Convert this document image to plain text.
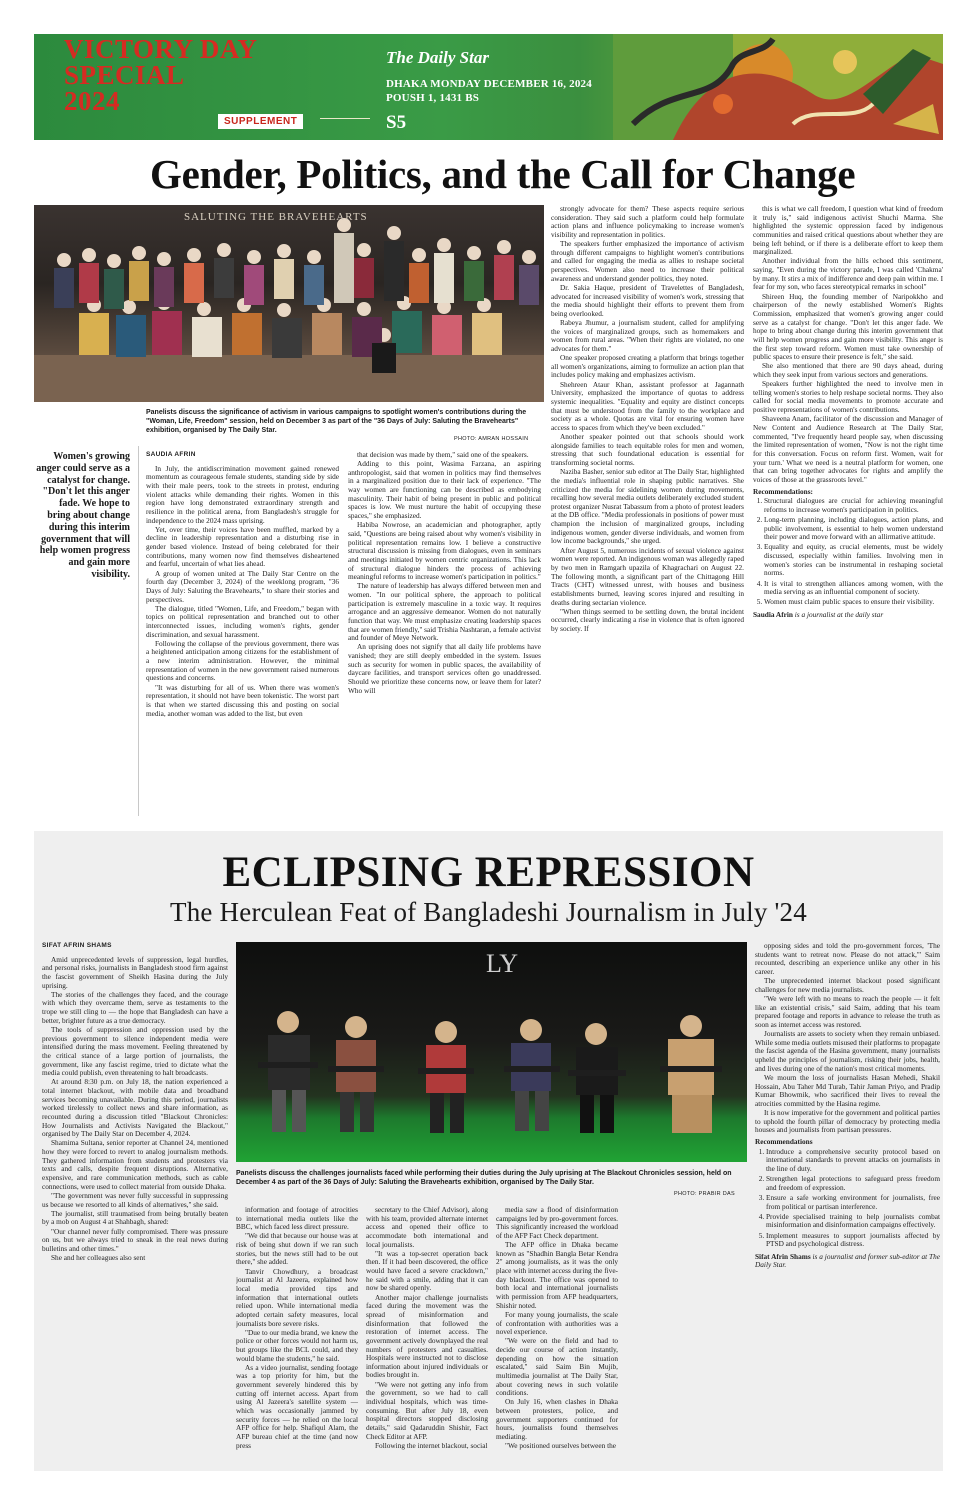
VICTORY DAY
SPECIAL
2024
SUPPLEMENT
The Daily Star
DHAKA MONDAY DECEMBER 16, 2024
POUSH 1, 1431 BS
S5
Gender, Politics, and the Call for Change
SALUTING THE BRAVEHEARTS
Panelists discuss the significance of activism in various campaigns to spotlight women's contributions during the "Woman, Life, Freedom" session, held on December 3 as part of the "36 Days of July: Saluting the Bravehearts" exhibition, organised by The Daily Star.
PHOTO: AMRAN HOSSAIN
Women's growing anger could serve as a catalyst for change. "Don't let this anger fade. We hope to bring about change during this interim government that will help women progress and gain more visibility.
SAUDIA AFRIN

In July, the antidiscrimination movement gained renewed momentum as courageous female students, standing side by side with their male peers, took to the streets in protest, enduring violent attacks while demanding their rights. Women in this region have long demonstrated extraordinary strength and resilience in the political arena, from Bangladesh's struggle for independence to the 2024 mass uprising.

Yet, over time, their voices have been muffled, marked by a decline in leadership representation and a disturbing rise in gender based violence. Instead of being celebrated for their contributions, many women now find themselves disheartened and fearful, uncertain of what lies ahead.

A group of women united at The Daily Star Centre on the fourth day (December 3, 2024) of the weeklong program, "36 Days of July: Saluting the Bravehearts," to share their stories and perspectives.

The dialogue, titled "Women, Life, and Freedom," began with topics on political representation and branched out to other interconnected issues, including women's rights, gender discrimination, and sexual harassment.

Following the collapse of the previous government, there was a heightened anticipation among citizens for the establishment of a new interim administration. However, the minimal representation of women in the new government raised numerous questions and concerns.

"It was disturbing for all of us. When there was women's representation, it should not have been tokenistic. The worst part is that when we started discussing this and posting on social media, another woman was added to the list, but even

that decision was made by them," said one of the speakers.

Adding to this point, Wasima Farzana, an aspiring anthropologist, said that women in politics may find themselves in a marginalized position due to their lack of experience. "The way women are functioning can be described as embodying masculinity. Their habit of being present in public and political spaces is low. We must nurture the habit of occupying these spaces," she emphasized.

Habiba Nowrose, an academician and photographer, aptly said, "Questions are being raised about why women's visibility in political representation remains low. I believe a constructive structural discussion is missing from dialogues, even in seminars and meetings initiated by women centric organizations. This lack of structural dialogue hinders the process of achieving meaningful reforms to increase women's participation in politics."

The nature of leadership has always differed between men and women. "In our political sphere, the approach to political participation is extremely masculine in a toxic way. It requires arrogance and an aggressive demeanor. Women do not naturally function that way. We must emphasize creating leadership spaces that are women friendly," said Trishia Nashtaran, a female activist and founder of Meye Network.

An uprising does not signify that all daily life problems have vanished; they are still deeply embedded in the system. Issues such as security for women in public spaces, the availability of daycare facilities, and transport services often go unaddressed. Should we prioritize these concerns now, or leave them for later? Who will

strongly advocate for them? These aspects require serious consideration. They said such a platform could help formulate action plans and influence policymaking to increase women's visibility and representation in politics.

The speakers further emphasized the importance of activism through different campaigns to highlight women's contributions and called for engaging the media as allies to reshape societal perspectives. Women also need to increase their political awareness and understand gender politics, they noted.

Dr. Sakia Haque, president of Travelettes of Bangladesh, advocated for increased visibility of women's work, stressing that the media should highlight their efforts to prevent them from being overlooked.

Rabeya Jhumur, a journalism student, called for amplifying the voices of marginalized groups, such as homemakers and women from rural areas. "When their rights are violated, no one advocates for them."

One speaker proposed creating a platform that brings together all women's organizations, aiming to formulize an action plan that includes policy making and emphasizes activism.

Shehreen Ataur Khan, assistant professor at Jagannath University, emphasized the importance of quotas to address systemic inequalities. "Equality and equity are distinct concepts that must be understood from the family to the workplace and society as a whole. Quotas are vital for ensuring women have access to spaces from which they've been excluded."

Another speaker pointed out that schools should work alongside families to teach equitable roles for men and women, stressing that such foundational education is essential for transforming societal norms.

Naziba Basher, senior sub editor at The Daily Star, highlighted the media's influential role in shaping public narratives. She criticized the media for sidelining women during movements, recalling how several media outlets deliberately excluded student protest organizer Nusrat Tabassum from a photo of protest leaders at the DB office. "Media professionals in positions of power must champion the inclusion of marginalized groups, including indigenous women, gender diverse individuals, and women from low income backgrounds," she urged.

After August 5, numerous incidents of sexual violence against women were reported. An indigenous woman was allegedly raped by two men in Ramgarh upazila of Khagrachari on August 22. The following month, a significant part of the Chittagong Hill Tracts (CHT) witnessed unrest, with houses and business establishments burned, leaving scores injured and resulting in deaths during sectarian violence.

"When things seemed to be settling down, the brutal incident occurred, clearly indicating a rise in violence that is often ignored by society. If

this is what we call freedom, I question what kind of freedom it truly is," said indigenous activist Shuchi Marma. She highlighted the systemic oppression faced by indigenous communities and raised critical questions about whether they are being left behind, or if there is a deliberate effort to keep them marginalized.

Another individual from the hills echoed this sentiment, saying, "Even during the victory parade, I was called 'Chakma' by many. It stirs a mix of indifference and deep pain within me. I fear for my son, who faces stereotypical remarks in school"

Shireen Huq, the founding member of Naripokkho and chairperson of the newly established Women's Rights Commission, emphasized that women's growing anger could serve as a catalyst for change. "Don't let this anger fade. We hope to bring about change during this interim government that will help women progress and gain more visibility. This anger is the first step toward reform. Women must take ownership of public spaces to ensure their presence is felt," she said.

She also mentioned that there are 90 days ahead, during which they seek input from various sectors and generations.

Speakers further highlighted the need to involve men in telling women's stories to help reshape societal norms. They also called for social media movements to promote accurate and positive representations of women's contributions.

Shaveena Anam, facilitator of the discussion and Manager of New Content and Audience Research at The Daily Star, commented, "I've frequently heard people say, when discussing the limited representation of women, "Now is not the right time for this conversation. Focus on reform first. Women, wait for your turn.' What we need is a neutral platform for women, one that can bring together advocates for rights and amplify the voices of those at the grassroots level."

Recommendations:
1. Structural dialogues are crucial for achieving meaningful reforms to increase women's participation in politics.
2. Long-term planning, including dialogues, action plans, and public involvement, is essential to help women understand their power and move forward with an allirmative attitude.
3. Equality and equity, as crucial elements, must be widely discussed, especially within families. Involving men in women's stories can be instrumental in reshaping societal norms.
4. It is vital to strengthen alliances among women, with the media serving as an influential component of society.
5. Women must claim public spaces to ensure their visibility.
Saudia Afrin is a journalist at the daily star
ECLIPSING REPRESSION
The Herculean Feat of Bangladeshi Journalism in July '24
SIFAT AFRIN SHAMS

Amid unprecedented levels of suppression, legal hurdles, and personal risks, journalists in Bangladesh stood firm against the fascist government of Sheikh Hasina during the July uprising.

The stories of the challenges they faced, and the courage with which they overcame them, serve as testaments to the trope we still cling to — the hope that Bangladesh can have a better, brighter future as a true democracy.

The tools of suppression and oppression used by the previous government to silence independent media were intensified during the mass movement. Feeling threatened by the critical stance of a large portion of journalists, the government, like any fascist regime, tried to dictate what the media could publish, even threatening to halt broadcasts.

At around 8:30 p.m. on July 18, the nation experienced a total internet blackout, with mobile data and broadband services becoming unavailable. During this period, journalists worked tirelessly to collect news and share information, as recounted during a discussion titled "Blackout Chronicles: How Journalists and Activists Navigated the Blackout," organised by The Daily Star on December 4, 2024.

Shamima Sultana, senior reporter at Channel 24, mentioned how they were forced to revert to analog journalism methods. They gathered information from students and protesters via texts and calls, despite frequent disruptions. Alternative, expensive, and rare communication methods, such as cable connections, were used to collect material from outside Dhaka.

"The government was never fully successful in suppressing us because we resorted to all kinds of alternatives," she said.

The journalist, still traumatised from being brutally beaten by a mob on August 4 at Shahbagh, shared:

"Our channel never fully compromised. There was pressure on us, but we always tried to sneak in the real news during bulletins and other times."

She and her colleagues also sent

LY
Panelists discuss the challenges journalists faced while performing their duties during the July uprising at The Blackout Chronicles session, held on December 4 as part of the 36 Days of July: Saluting the Bravehearts exhibition, organised by The Daily Star.
PHOTO: PRABIR DAS

information and footage of atrocities to international media outlets like the BBC, which faced less direct pressure.

"We did that because our house was at risk of being shut down if we ran such stories, but the news still had to be out there," she added.

Tanvir Chowdhury, a broadcast journalist at Al Jazeera, explained how local media provided tips and information that international outlets relied upon. While international media adopted certain safety measures, local journalists bore severe risks.

"Due to our media brand, we knew the police or other forces would not harm us, but groups like the BCL could, and they would blame the students," he said.

As a video journalist, sending footage was a top priority for him, but the government severely hindered this by cutting off internet access. Apart from using Al Jazeera's satellite system — which was occasionally jammed by security forces — he relied on the local AFP office for help. Shafiqul Alam, the AFP bureau chief at the time (and now press

secretary to the Chief Advisor), along with his team, provided alternate internet access and opened their office to accommodate both international and local journalists.

"It was a top-secret operation back then. If it had been discovered, the office would have faced a severe crackdown," he said with a smile, adding that it can now be shared openly.

Another major challenge journalists faced during the movement was the spread of misinformation and disinformation that followed the restoration of internet access. The government actively downplayed the real numbers of protesters and casualties. Hospitals were instructed not to disclose information about injured individuals or bodies brought in.

"We were not getting any info from the government, so we had to call individual hospitals, which was time-consuming. But after July 18, even hospital directors stopped disclosing details," said Qadaruddin Shishir, Fact Check Editor at AFP.

Following the internet blackout, social

media saw a flood of disinformation campaigns led by pro-government forces. This significantly increased the workload of the AFP Fact Check department.

The AFP office in Dhaka became known as "Shadhin Bangla Betar Kendra 2" among journalists, as it was the only place with internet access during the five-day blackout. The office was opened to both local and international journalists with permission from AFP headquarters, Shishir noted.

For many young journalists, the scale of confrontation with authorities was a novel experience.

"We were on the field and had to decide our course of action instantly, depending on how the situation escalated," said Saim Bin Mujib, multimedia journalist at The Daily Star, about covering news in such volatile conditions.

On July 16, when clashes in Dhaka between protesters, police, and government supporters continued for hours, journalists found themselves mediating.

"We positioned ourselves between the

opposing sides and told the pro-government forces, 'The students want to retreat now. Please do not attack,'" Saim recounted, describing an experience unlike any other in his career.

The unprecedented internet blackout posed significant challenges for new media journalists.

"We were left with no means to reach the people — it felt like an existential crisis," said Saim, adding that his team prepared footage and reports in advance to release the truth as soon as internet access was restored.

Journalists are assets to society when they remain unbiased. While some media outlets misused their platforms to propagate the fascist agenda of the Hasina government, many journalists upheld the principles of journalism, risking their jobs, health, and lives during one of the nation's most critical moments.

We mourn the loss of journalists Hasan Mehedi, Shakil Hossain, Abu Taher Md Turab, Tahir Jaman Priyo, and Pradip Kumar Bhowmik, who sacrificed their lives to reveal the atrocities committed by the Hasina regime.

It is now imperative for the government and political parties to uphold the fourth pillar of democracy by protecting media houses and journalists from partisan pressures.

Recommendations
1. Introduce a comprehensive security protocol based on international standards to prevent attacks on journalists in the line of duty.
2. Strengthen legal protections to safeguard press freedom and freedom of expression.
3. Ensure a safe working environment for journalists, free from political or partisan interference.
4. Provide specialised training to help journalists combat misinformation and disinformation campaigns effectively.
5. Implement measures to support journalists affected by PTSD and psychological distress.
Sifat Afrin Shams is a journalist and former sub-editor at The Daily Star.
